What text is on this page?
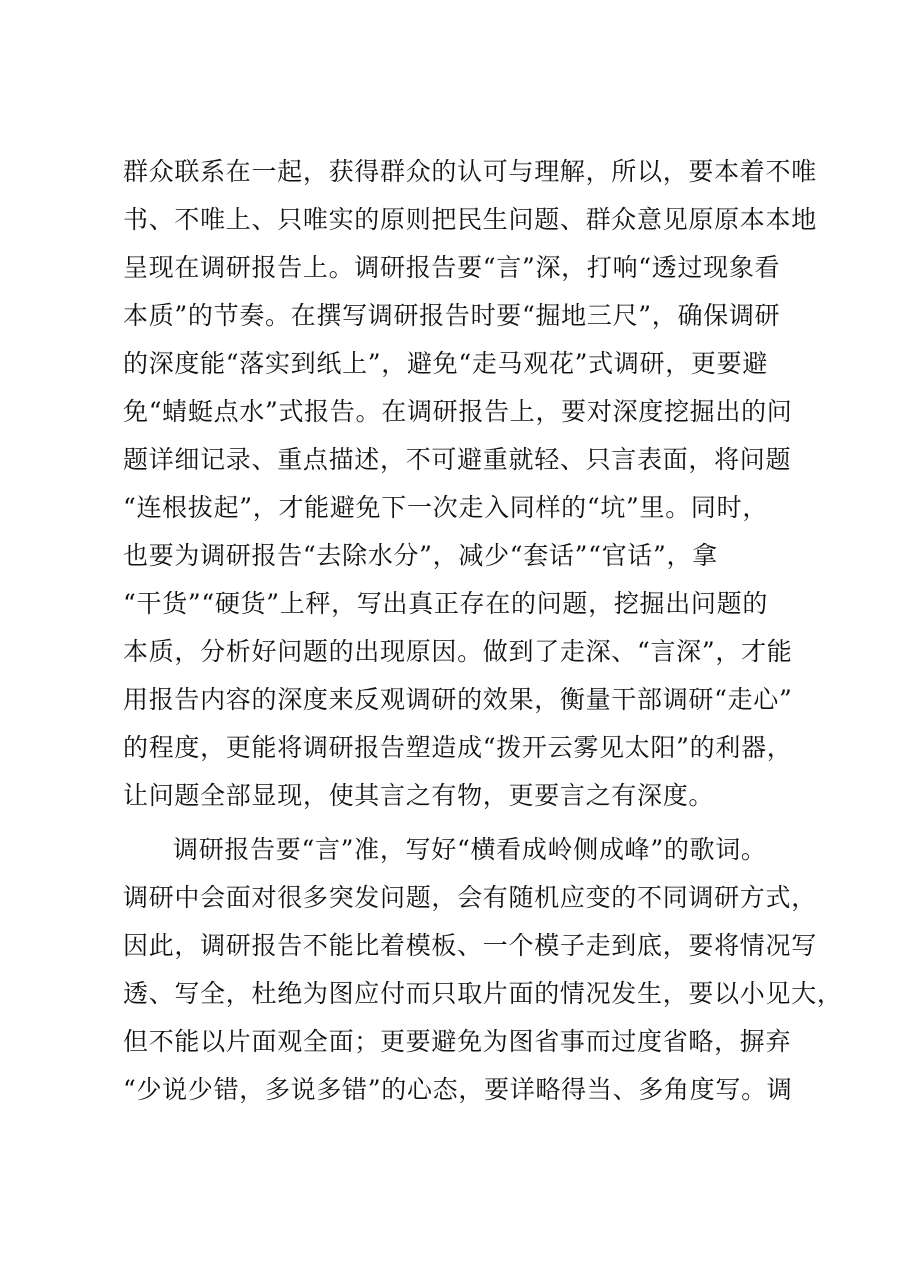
群众联系在一起，获得群众的认可与理解，所以，要本着不唯
书、不唯上、只唯实的原则把民生问题、群众意见原原本本地
呈现在调研报告上。调研报告要“言”深，打响“透过现象看
本质”的节奏。在撰写调研报告时要“掘地三尺”，确保调研
的深度能“落实到纸上”，避免“走马观花”式调研，更要避
免“蜻蜓点水”式报告。在调研报告上，要对深度挖掘出的问
题详细记录、重点描述，不可避重就轻、只言表面，将问题
“连根拔起”，才能避免下一次走入同样的“坑”里。同时，
也要为调研报告“去除水分”，减少“套话”“官话”，拿
“干货”“硬货”上秤，写出真正存在的问题，挖掘出问题的
本质，分析好问题的出现原因。做到了走深、“言深”，才能
用报告内容的深度来反观调研的效果，衡量干部调研“走心”
的程度，更能将调研报告塑造成“拨开云雾见太阳”的利器，
让问题全部显现，使其言之有物，更要言之有深度。
调研报告要“言”准，写好“横看成岭侧成峰”的歌词。
调研中会面对很多突发问题，会有随机应变的不同调研方式，
因此，调研报告不能比着模板、一个模子走到底，要将情况写
透、写全，杜绝为图应付而只取片面的情况发生，要以小见大，
但不能以片面观全面；更要避免为图省事而过度省略，摒弃
“少说少错，多说多错”的心态，要详略得当、多角度写。调
